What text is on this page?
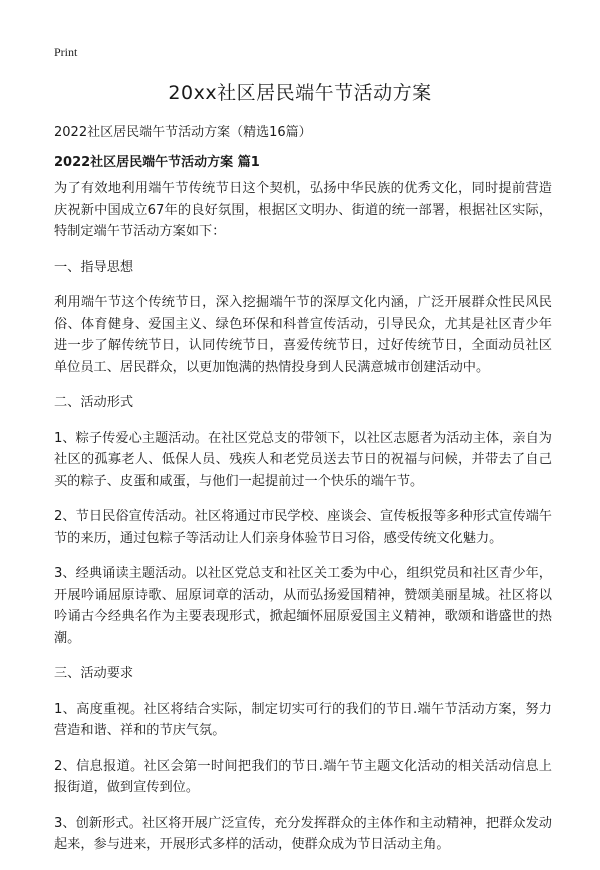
Print
20xx社区居民端午节活动方案

2022社区居民端午节活动方案（精选16篇）

2022社区居民端午节活动方案 篇1

为了有效地利用端午节传统节日这个契机，弘扬中华民族的优秀文化，同时提前营造庆祝新中国成立67年的良好氛围，根据区文明办、街道的统一部署，根据社区实际，特制定端午节活动方案如下：

一、指导思想

利用端午节这个传统节日，深入挖掘端午节的深厚文化内涵，广泛开展群众性民风民俗、体育健身、爱国主义、绿色环保和科普宣传活动，引导民众，尤其是社区青少年进一步了解传统节日，认同传统节日，喜爱传统节日，过好传统节日，全面动员社区单位员工、居民群众，以更加饱满的热情投身到人民满意城市创建活动中。

二、活动形式

1、粽子传爱心主题活动。在社区党总支的带领下，以社区志愿者为活动主体，亲自为社区的孤寡老人、低保人员、残疾人和老党员送去节日的祝福与问候，并带去了自己买的粽子、皮蛋和咸蛋，与他们一起提前过一个快乐的端午节。

2、节日民俗宣传活动。社区将通过市民学校、座谈会、宣传板报等多种形式宣传端午节的来历，通过包粽子等活动让人们亲身体验节日习俗，感受传统文化魅力。

3、经典诵读主题活动。以社区党总支和社区关工委为中心，组织党员和社区青少年，开展吟诵屈原诗歌、屈原词章的活动，从而弘扬爱国精神，赞颂美丽星城。社区将以吟诵古今经典名作为主要表现形式，掀起缅怀屈原爱国主义精神，歌颂和谐盛世的热潮。

三、活动要求

1、高度重视。社区将结合实际，制定切实可行的我们的节日.端午节活动方案，努力营造和谐、祥和的节庆气氛。

2、信息报道。社区会第一时间把我们的节日.端午节主题文化活动的相关活动信息上报街道，做到宣传到位。

3、创新形式。社区将开展广泛宣传，充分发挥群众的主体作和主动精神，把群众发动起来，参与进来，开展形式多样的活动，使群众成为节日活动主角。
